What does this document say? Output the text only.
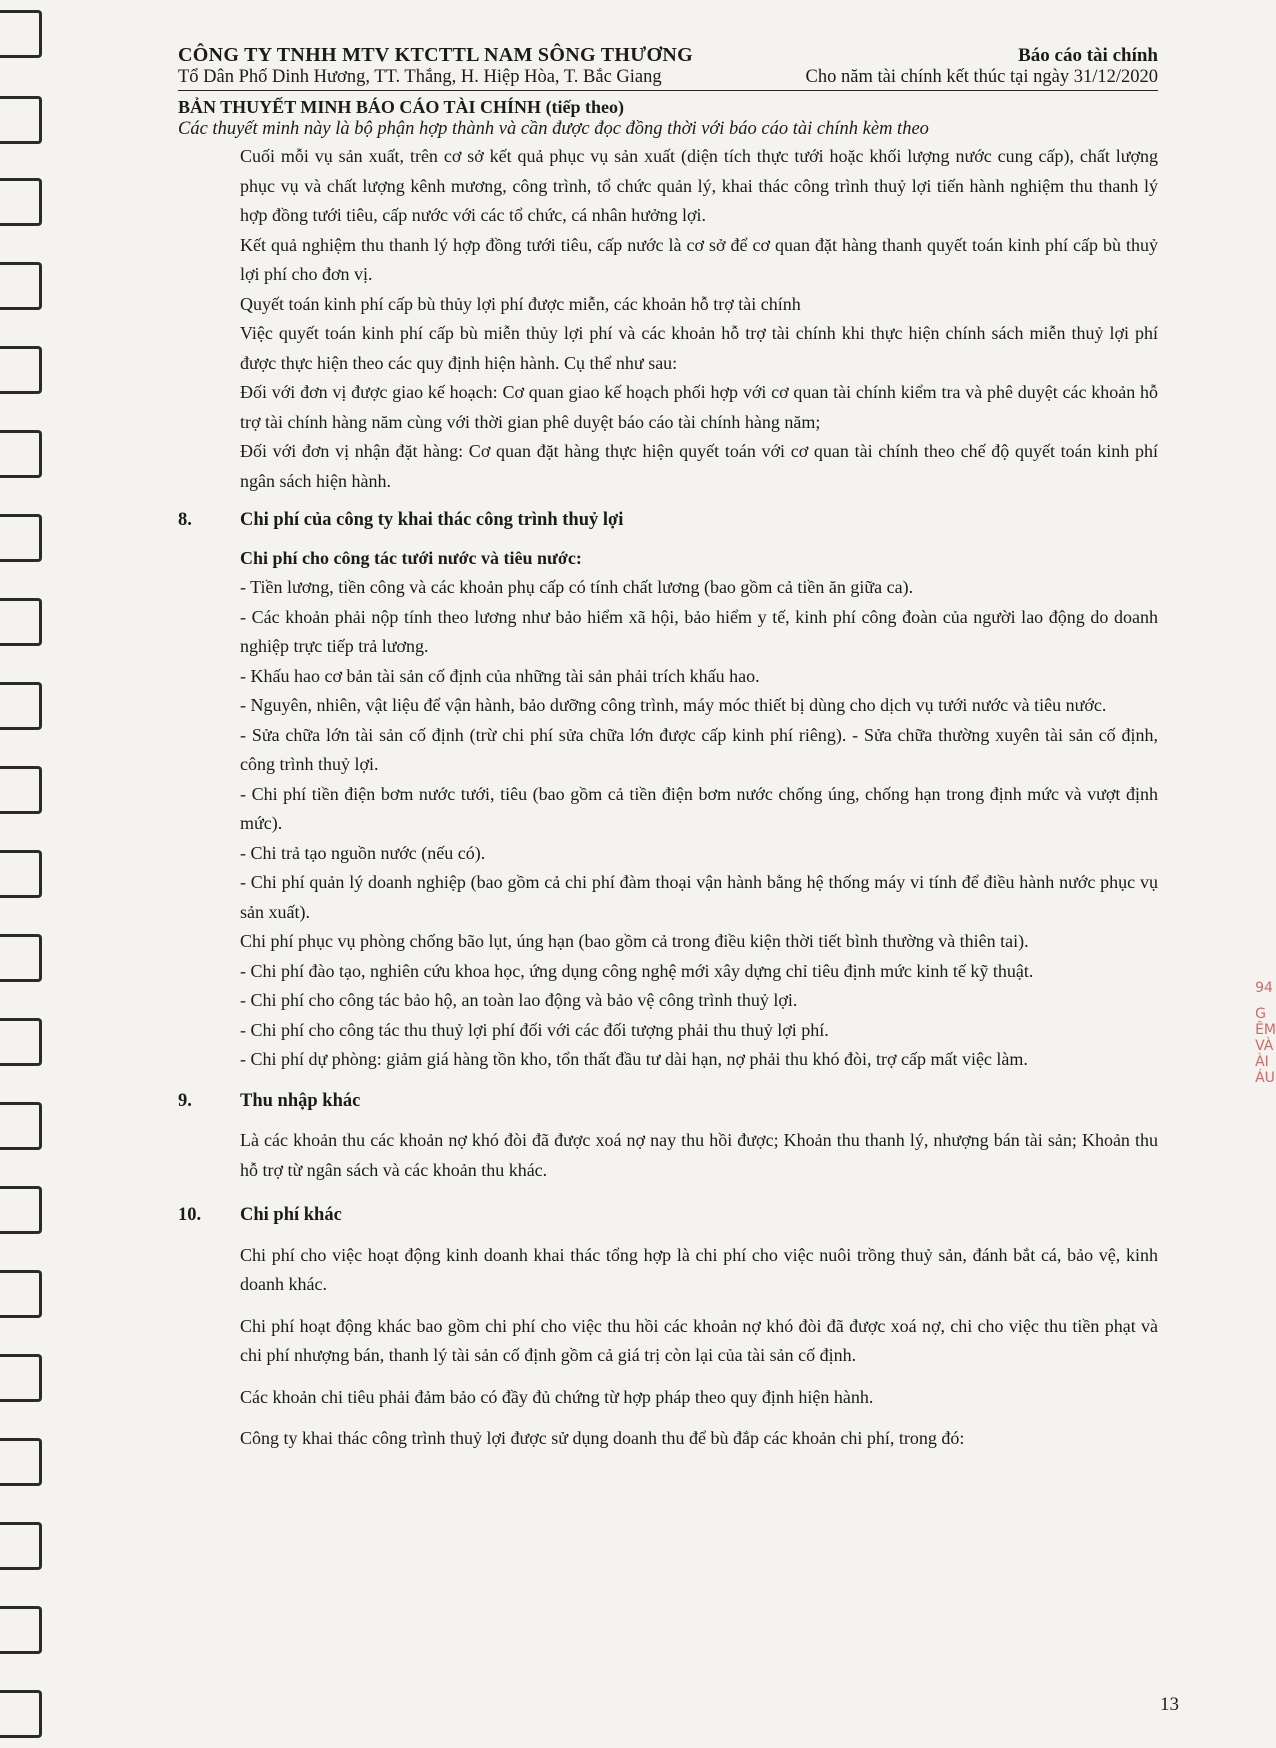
CÔNG TY TNHH MTV KTCTTL NAM SÔNG THƯƠNG	Báo cáo tài chính
Tổ Dân Phố Dinh Hương, TT. Thắng, H. Hiệp Hòa, T. Bắc Giang	Cho năm tài chính kết thúc tại ngày 31/12/2020
BẢN THUYẾT MINH BÁO CÁO TÀI CHÍNH (tiếp theo)
Các thuyết minh này là bộ phận hợp thành và cần được đọc đồng thời với báo cáo tài chính kèm theo

Cuối mỗi vụ sản xuất, trên cơ sở kết quả phục vụ sản xuất (diện tích thực tưới hoặc khối lượng nước cung cấp), chất lượng phục vụ và chất lượng kênh mương, công trình, tổ chức quản lý, khai thác công trình thuỷ lợi tiến hành nghiệm thu thanh lý hợp đồng tưới tiêu, cấp nước với các tổ chức, cá nhân hưởng lợi.

Kết quả nghiệm thu thanh lý hợp đồng tưới tiêu, cấp nước là cơ sở để cơ quan đặt hàng thanh quyết toán kinh phí cấp bù thuỷ lợi phí cho đơn vị.

Quyết toán kinh phí cấp bù thủy lợi phí được miễn, các khoản hỗ trợ tài chính

Việc quyết toán kinh phí cấp bù miễn thủy lợi phí và các khoản hỗ trợ tài chính khi thực hiện chính sách miễn thuỷ lợi phí được thực hiện theo các quy định hiện hành. Cụ thể như sau:

Đối với đơn vị được giao kế hoạch: Cơ quan giao kế hoạch phối hợp với cơ quan tài chính kiểm tra và phê duyệt các khoản hỗ trợ tài chính hàng năm cùng với thời gian phê duyệt báo cáo tài chính hàng năm;

Đối với đơn vị nhận đặt hàng: Cơ quan đặt hàng thực hiện quyết toán với cơ quan tài chính theo chế độ quyết toán kinh phí ngân sách hiện hành.

8.	Chi phí của công ty khai thác công trình thuỷ lợi

Chi phí cho công tác tưới nước và tiêu nước:

- Tiền lương, tiền công và các khoản phụ cấp có tính chất lương (bao gồm cả tiền ăn giữa ca).

- Các khoản phải nộp tính theo lương như bảo hiểm xã hội, bảo hiểm y tế, kinh phí công đoàn của người lao động do doanh nghiệp trực tiếp trả lương.

- Khấu hao cơ bản tài sản cố định của những tài sản phải trích khấu hao.

- Nguyên, nhiên, vật liệu để vận hành, bảo dưỡng công trình, máy móc thiết bị dùng cho dịch vụ tưới nước và tiêu nước.

- Sửa chữa lớn tài sản cố định (trừ chi phí sửa chữa lớn được cấp kinh phí riêng). - Sửa chữa thường xuyên tài sản cố định, công trình thuỷ lợi.

- Chi phí tiền điện bơm nước tưới, tiêu (bao gồm cả tiền điện bơm nước chống úng, chống hạn trong định mức và vượt định mức).

- Chi trả tạo nguồn nước (nếu có).

- Chi phí quản lý doanh nghiệp (bao gồm cả chi phí đàm thoại vận hành bằng hệ thống máy vi tính để điều hành nước phục vụ sản xuất).

Chi phí phục vụ phòng chống bão lụt, úng hạn (bao gồm cả trong điều kiện thời tiết bình thường và thiên tai).

- Chi phí đào tạo, nghiên cứu khoa học, ứng dụng công nghệ mới xây dựng chỉ tiêu định mức kinh tế kỹ thuật.

- Chi phí cho công tác bảo hộ, an toàn lao động và bảo vệ công trình thuỷ lợi.

- Chi phí cho công tác thu thuỷ lợi phí đối với các đối tượng phải thu thuỷ lợi phí.

- Chi phí dự phòng: giảm giá hàng tồn kho, tổn thất đầu tư dài hạn, nợ phải thu khó đòi, trợ cấp mất việc làm.

9.	Thu nhập khác

Là các khoản thu các khoản nợ khó đòi đã được xoá nợ nay thu hồi được; Khoản thu thanh lý, nhượng bán tài sản; Khoản thu hỗ trợ từ ngân sách và các khoản thu khác.

10.	Chi phí khác

Chi phí cho việc hoạt động kinh doanh khai thác tổng hợp là chi phí cho việc nuôi trồng thuỷ sản, đánh bắt cá, bảo vệ, kinh doanh khác.

Chi phí hoạt động khác bao gồm chi phí cho việc thu hồi các khoản nợ khó đòi đã được xoá nợ, chi cho việc thu tiền phạt và chi phí nhượng bán, thanh lý tài sản cố định gồm cả giá trị còn lại của tài sản cố định.

Các khoản chi tiêu phải đảm bảo có đầy đủ chứng từ hợp pháp theo quy định hiện hành.

Công ty khai thác công trình thuỷ lợi được sử dụng doanh thu để bù đắp các khoản chi phí, trong đó:

94
G
ÊM
VÀ
ÀI
ÁU
13
